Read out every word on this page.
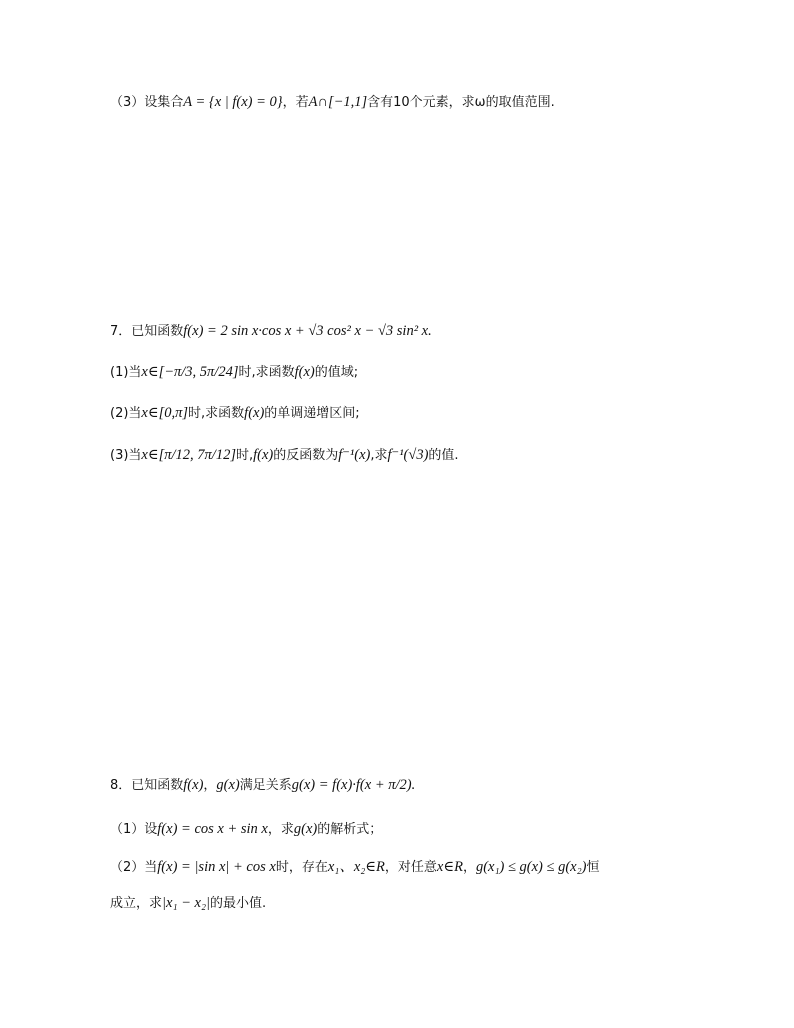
（3）设集合A = {x | f(x) = 0}，若A∩[−1,1]含有10个元素，求ω的取值范围.
7．已知函数f(x) = 2 sin x·cos x + √3 cos² x − √3 sin² x.
(1)当x∈[−π/3, 5π/24]时,求函数f(x)的值域;
(2)当x∈[0,π]时,求函数f(x)的单调递增区间;
(3)当x∈[π/12, 7π/12]时,f(x)的反函数为f⁻¹(x),求f⁻¹(√3)的值.
8．已知函数f(x)，g(x)满足关系g(x) = f(x)·f(x + π/2).
（1）设f(x) = cos x + sin x，求g(x)的解析式；
（2）当f(x) = |sin x| + cos x时，存在x₁、x₂∈R，对任意x∈R，g(x₁) ≤ g(x) ≤ g(x₂)恒
成立，求|x₁ − x₂|的最小值.
